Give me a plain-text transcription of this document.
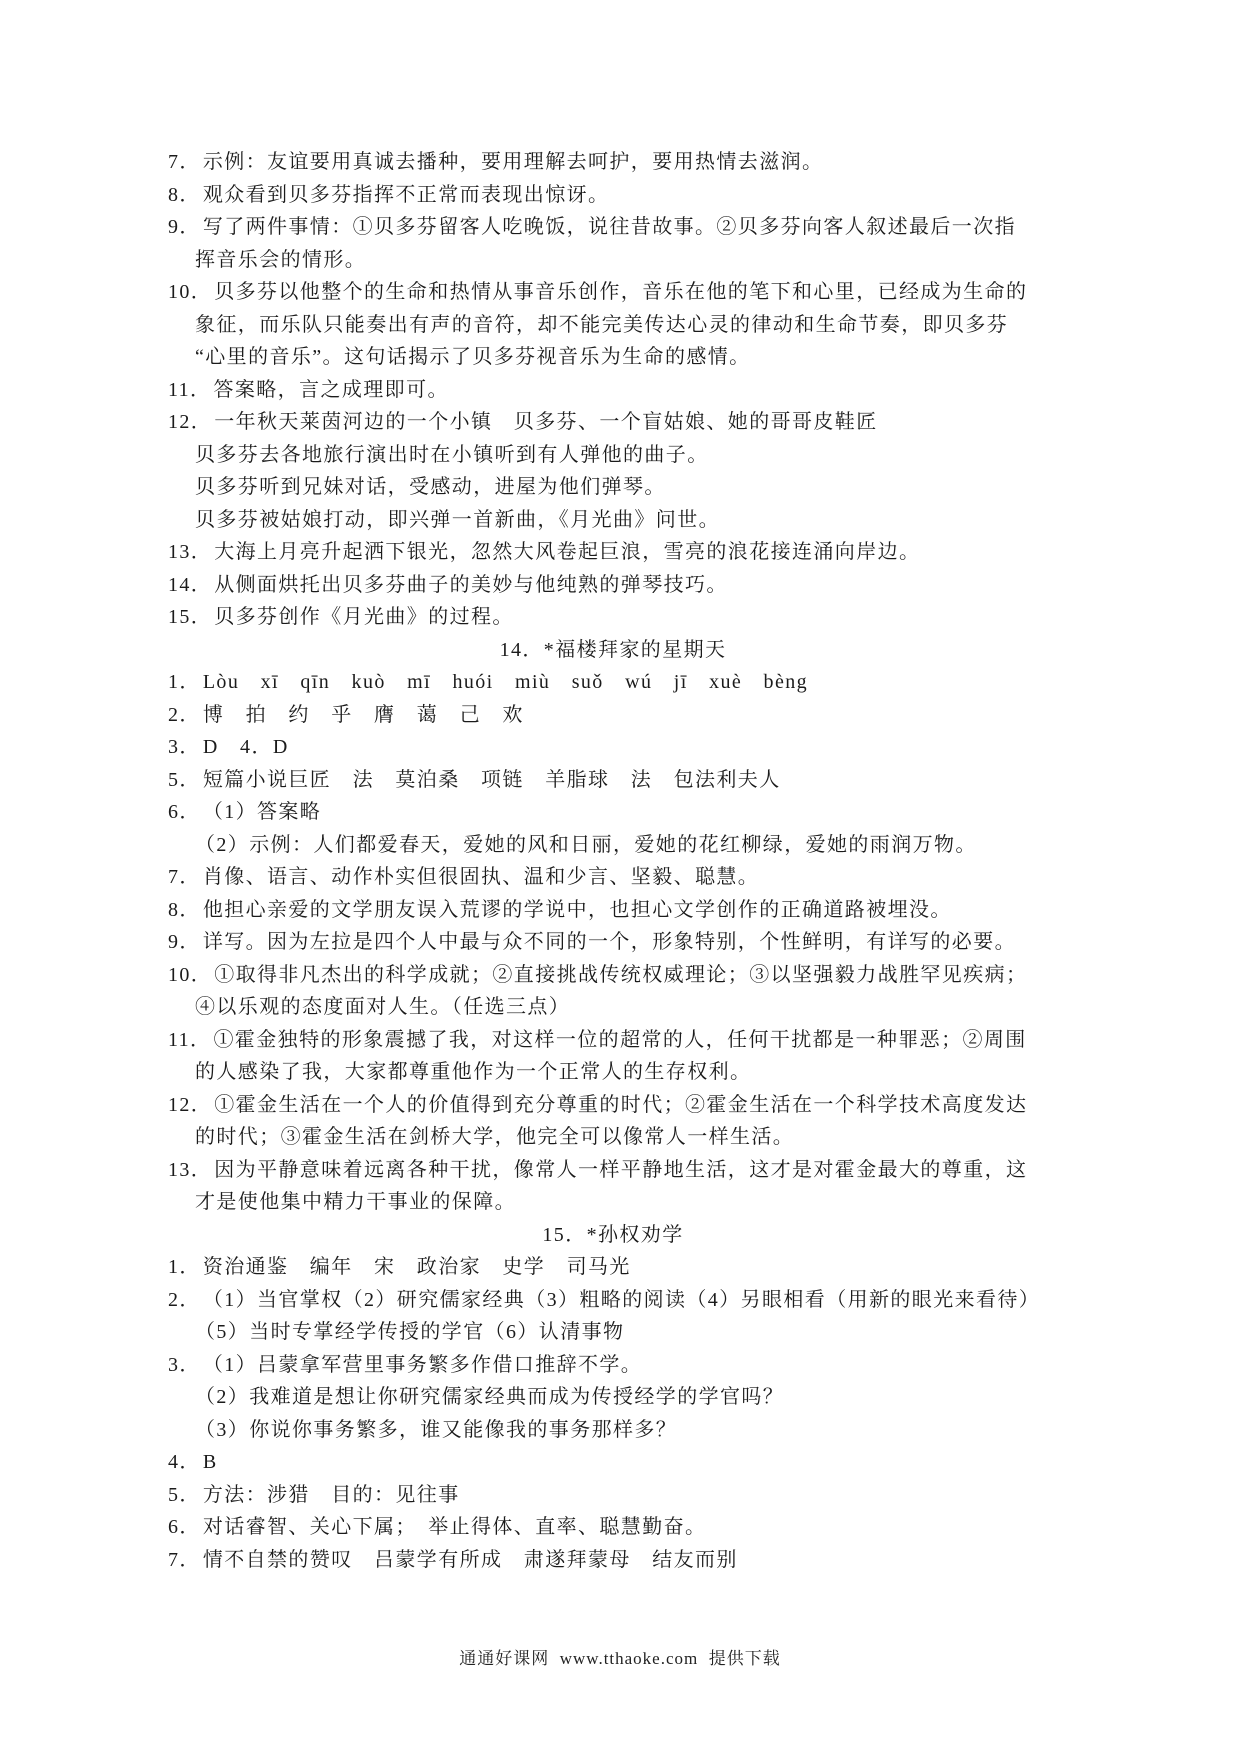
7． 示例：友谊要用真诚去播种，要用理解去呵护，要用热情去滋润。
8． 观众看到贝多芬指挥不正常而表现出惊讶。
9． 写了两件事情：①贝多芬留客人吃晚饭，说往昔故事。②贝多芬向客人叙述最后一次指
挥音乐会的情形。
10． 贝多芬以他整个的生命和热情从事音乐创作，音乐在他的笔下和心里，已经成为生命的
象征，而乐队只能奏出有声的音符，却不能完美传达心灵的律动和生命节奏，即贝多芬
“心里的音乐”。这句话揭示了贝多芬视音乐为生命的感情。
11． 答案略，言之成理即可。
12． 一年秋天莱茵河边的一个小镇　贝多芬、一个盲姑娘、她的哥哥皮鞋匠
贝多芬去各地旅行演出时在小镇听到有人弹他的曲子。
贝多芬听到兄妹对话，受感动，进屋为他们弹琴。
贝多芬被姑娘打动，即兴弹一首新曲，《月光曲》问世。
13． 大海上月亮升起洒下银光，忽然大风卷起巨浪，雪亮的浪花接连涌向岸边。
14． 从侧面烘托出贝多芬曲子的美妙与他纯熟的弹琴技巧。
15． 贝多芬创作《月光曲》的过程。
14．*福楼拜家的星期天
1． Lòu　xī　qīn　kuò　mī　huói　miù　suǒ　wú　jī　xuè　bèng
2． 博　拍　约　乎　膺　蔼　己　欢
3． D　4．D
5． 短篇小说巨匠　法　莫泊桑　项链　羊脂球　法　包法利夫人
6． （1）答案略
（2）示例：人们都爱春天，爱她的风和日丽，爱她的花红柳绿，爱她的雨润万物。
7． 肖像、语言、动作朴实但很固执、温和少言、坚毅、聪慧。
8． 他担心亲爱的文学朋友误入荒谬的学说中，也担心文学创作的正确道路被埋没。
9． 详写。因为左拉是四个人中最与众不同的一个，形象特别，个性鲜明，有详写的必要。
10． ①取得非凡杰出的科学成就；②直接挑战传统权威理论；③以坚强毅力战胜罕见疾病；
④以乐观的态度面对人生。（任选三点）
11． ①霍金独特的形象震撼了我，对这样一位的超常的人，任何干扰都是一种罪恶；②周围
的人感染了我，大家都尊重他作为一个正常人的生存权利。
12． ①霍金生活在一个人的价值得到充分尊重的时代；②霍金生活在一个科学技术高度发达
的时代；③霍金生活在剑桥大学，他完全可以像常人一样生活。
13． 因为平静意味着远离各种干扰，像常人一样平静地生活，这才是对霍金最大的尊重，这
才是使他集中精力干事业的保障。
15．*孙权劝学
1． 资治通鉴　编年　宋　政治家　史学　司马光
2． （1）当官掌权（2）研究儒家经典（3）粗略的阅读（4）另眼相看（用新的眼光来看待）
（5）当时专掌经学传授的学官（6）认清事物
3． （1）吕蒙拿军营里事务繁多作借口推辞不学。
（2）我难道是想让你研究儒家经典而成为传授经学的学官吗？
（3）你说你事务繁多，谁又能像我的事务那样多？
4． B
5． 方法：涉猎　目的：见往事
6． 对话睿智、关心下属；　举止得体、直率、聪慧勤奋。
7． 情不自禁的赞叹　吕蒙学有所成　肃遂拜蒙母　结友而别
通通好课网  www.tthaoke.com  提供下载
